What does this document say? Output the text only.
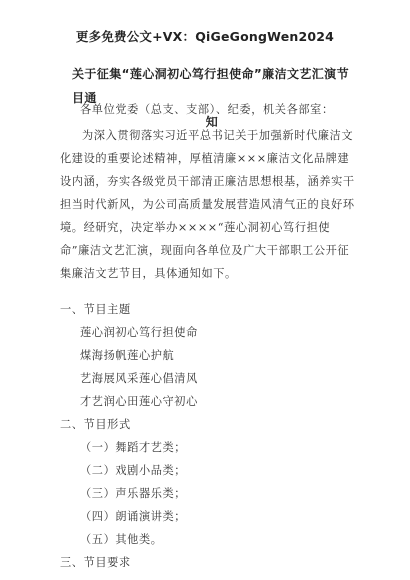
更多免费公文+VX：QiGeGongWen2024
关于征集“莲心洞初心笃行担使命”廉洁文艺汇演节目通
知
各单位党委（总支、支部）、纪委，机关各部室：
为深入贯彻落实习近平总书记关于加强新时代廉洁文化建设的重要论述精神，厚植清廉×××廉洁文化品牌建设内涵，夯实各级党员干部清正廉洁思想根基，涵养实干担当时代新风，为公司高质量发展营造风清气正的良好环境。经研究，决定举办××××“莲心洞初心笃行担使命”廉洁文艺汇演，现面向各单位及广大干部职工公开征集廉洁文艺节目，具体通知如下。
一、节目主题
莲心润初心笃行担使命
煤海扬帆莲心护航
艺海展风采莲心倡清风
才艺润心田莲心守初心
二、节目形式
（一）舞蹈才艺类；
（二）戏剧小品类；
（三）声乐器乐类；
（四）朗诵演讲类；
（五）其他类。
三、节目要求
